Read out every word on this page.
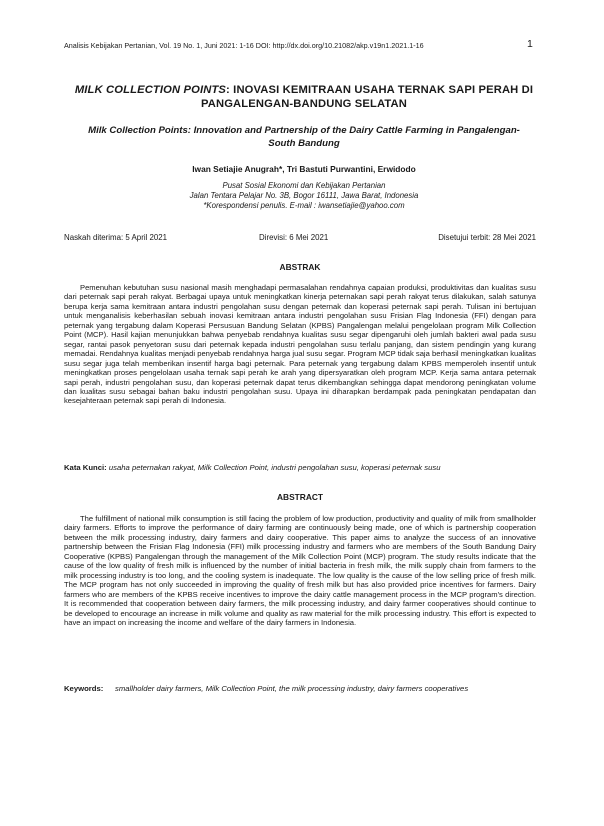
Analisis Kebijakan Pertanian, Vol. 19 No. 1, Juni 2021: 1-16 DOI: http://dx.doi.org/10.21082/akp.v19n1.2021.1-16	1
MILK COLLECTION POINTS: INOVASI KEMITRAAN USAHA TERNAK SAPI PERAH DI PANGALENGAN-BANDUNG SELATAN
Milk Collection Points: Innovation and Partnership of the Dairy Cattle Farming in Pangalengan-South Bandung
Iwan Setiajie Anugrah*, Tri Bastuti Purwantini, Erwidodo
Pusat Sosial Ekonomi dan Kebijakan Pertanian
Jalan Tentara Pelajar No. 3B, Bogor 16111, Jawa Barat, Indonesia
*Korespondensi penulis. E-mail : iwansetiajie@yahoo.com
Naskah diterima: 5 April 2021	Direvisi: 6 Mei 2021	Disetujui terbit: 28 Mei 2021
ABSTRAK

Pemenuhan kebutuhan susu nasional masih menghadapi permasalahan rendahnya capaian produksi, produktivitas dan kualitas susu dari peternak sapi perah rakyat. Berbagai upaya untuk meningkatkan kinerja peternakan sapi perah rakyat terus dilakukan, salah satunya berupa kerja sama kemitraan antara industri pengolahan susu dengan peternak dan koperasi peternak sapi perah. Tulisan ini bertujuan untuk menganalisis keberhasilan sebuah inovasi kemitraan antara industri pengolahan susu Frisian Flag Indonesia (FFI) dengan para peternak yang tergabung dalam Koperasi Persusuan Bandung Selatan (KPBS) Pangalengan melalui pengelolaan program Milk Collection Point (MCP). Hasil kajian menunjukkan bahwa penyebab rendahnya kualitas susu segar dipengaruhi oleh jumlah bakteri awal pada susu segar, rantai pasok penyetoran susu dari peternak kepada industri pengolahan susu terlalu panjang, dan sistem pendingin yang kurang memadai. Rendahnya kualitas menjadi penyebab rendahnya harga jual susu segar. Program MCP tidak saja berhasil meningkatkan kualitas susu segar juga telah memberikan insentif harga bagi peternak. Para peternak yang tergabung dalam KPBS memperoleh insentif untuk meningkatkan proses pengelolaan usaha ternak sapi perah ke arah yang dipersyaratkan oleh program MCP. Kerja sama antara peternak sapi perah, industri pengolahan susu, dan koperasi peternak dapat terus dikembangkan sehingga dapat mendorong peningkatan volume dan kualitas susu sebagai bahan baku industri pengolahan susu. Upaya ini diharapkan berdampak pada peningkatan pendapatan dan kesejahteraan peternak sapi perah di Indonesia.

Kata Kunci: usaha peternakan rakyat, Milk Collection Point, industri pengolahan susu, koperasi peternak susu
ABSTRACT

The fulfillment of national milk consumption is still facing the problem of low production, productivity and quality of milk from smallholder dairy farmers. Efforts to improve the performance of dairy farming are continuously being made, one of which is partnership cooperation between the milk processing industry, dairy farmers and dairy cooperative. This paper aims to analyze the success of an innovative partnership between the Frisian Flag Indonesia (FFI) milk processing industry and farmers who are members of the South Bandung Dairy Cooperative (KPBS) Pangalengan through the management of the Milk Collection Point (MCP) program. The study results indicate that the cause of the low quality of fresh milk is influenced by the number of initial bacteria in fresh milk, the milk supply chain from farmers to the milk processing industry is too long, and the cooling system is inadequate. The low quality is the cause of the low selling price of fresh milk. The MCP program has not only succeeded in improving the quality of fresh milk but has also provided price incentives for farmers. Dairy farmers who are members of the KPBS receive incentives to improve the dairy cattle management process in the MCP program's direction. It is recommended that cooperation between dairy farmers, the milk processing industry, and dairy farmer cooperatives should continue to be developed to encourage an increase in milk volume and quality as raw material for the milk processing industry. This effort is expected to have an impact on increasing the income and welfare of the dairy farmers in Indonesia.

Keywords: smallholder dairy farmers, Milk Collection Point, the milk processing industry, dairy farmers cooperatives
